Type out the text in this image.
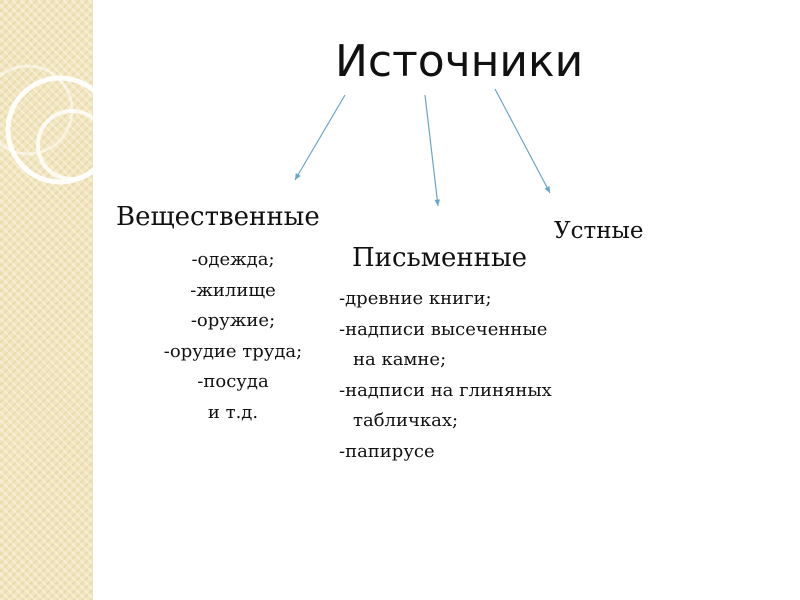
Источники
Вещественные
-одежда;
-жилище
-оружие;
-орудие труда;
-посуда
и т.д.
Письменные
-древние книги;
-надписи высеченные
на камне;
-надписи на глиняных
табличках;
-папирусе
Устные
